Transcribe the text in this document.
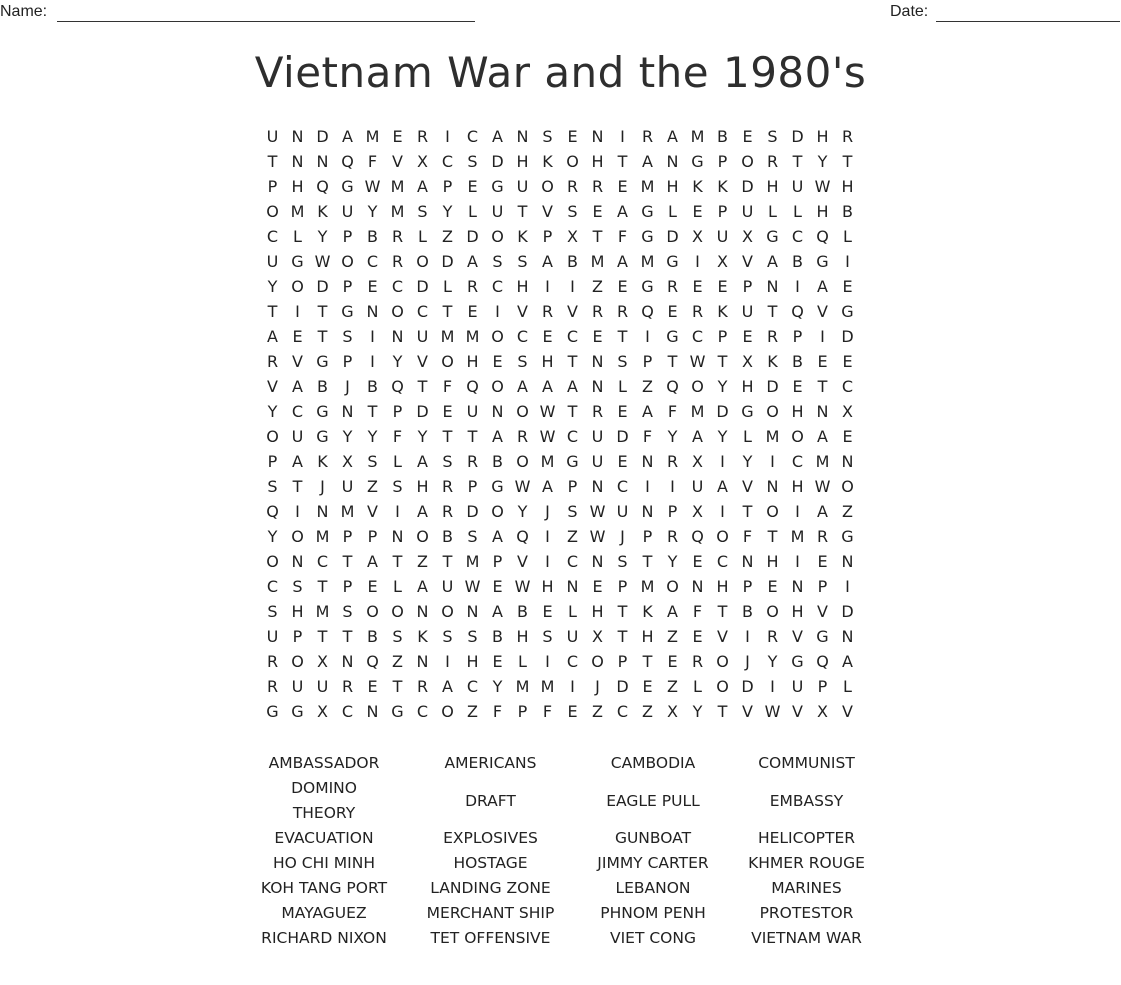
Name:	Date:
Vietnam War and the 1980's
U N D A M E R	I	C A N S E N	I	R A M B E S D H R
T N N Q F V X C S D H K O H T A N G P O R T Y T
P H Q G W M A P E G U O R R E M H K K D H U W H
O M K U Y M S Y L U T V S E A G L E P U L	L H B
C L Y P B R L Z D O K P X T F G D X U X G C Q L
U G W O C R O D A S S A B M A M G	I	X V A B G	I
Y O D P E C D L R C H	I	I	Z E G R E E P N	I	A E
T	I	T G N O C T E	I	V R V R R Q E R K U T Q V G
A E T S	I	N U M M O C E C E T	I	G C P E R P	I	D
R V G P	I	Y V O H E S H T N S P T W T X K B E E
V A B	J	B Q T F Q O A A A N L Z Q O Y H D E T C
Y C G N T P D E U N O W T R E A F M D G O H N X
O U G Y Y F Y T T A R W C U D F Y A Y L M O A E
P A K X S L A S R B O M G U E N R X	I	Y	I	C M N
S T	J	U Z S H R P G W A P N C	I	I	U A V N H W O
Q	I	N M V	I	A R D O Y	J	S W U N P X	I	T O	I	A Z
Y O M P P N O B S A Q	I	Z W J	P R Q O F T M R G
O N C T A T Z T M P V	I	C N S T Y E C N H	I	E N
C S T P E L A U W E W H N E P M O N H P E N P	I
S H M S O O N O N A B E L H T K A F T B O H V D
U P T T B S K S S B H S U X T H Z E V	I	R V G N
R O X N Q Z N	I	H E L	I	C O P T E R O	J	Y G Q A
R U U R E T R A C Y M M I	J	D E Z L O D	I	U P L
G G X C N G C O Z F P F E Z C Z X Y T V W V X V
AMBASSADOR	AMERICANS	CAMBODIA	COMMUNIST
DOMINO
THEORY
DRAFT	EAGLE PULL	EMBASSY
EVACUATION	EXPLOSIVES	GUNBOAT	HELICOPTER
HO CHI MINH	HOSTAGE	JIMMY CARTER	KHMER ROUGE
KOH TANG PORT	LANDING ZONE	LEBANON	MARINES
MAYAGUEZ	MERCHANT SHIP	PHNOM PENH	PROTESTOR
RICHARD NIXON	TET OFFENSIVE	VIET CONG	VIETNAM WAR
